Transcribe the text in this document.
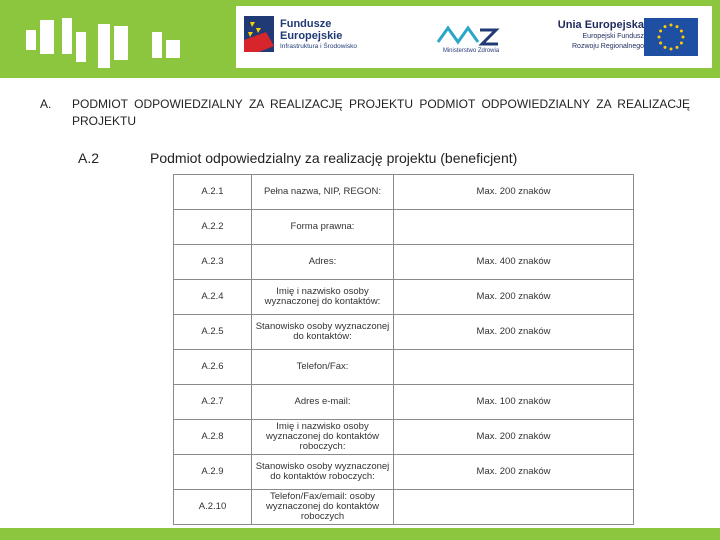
Fundusze
Europejskie
Infrastruktura i Środowisko
Ministerstwo Zdrowia
Unia Europejska
Europejski Fundusz
Rozwoju Regionalnego
A. PODMIOT ODPOWIEDZIALNY ZA REALIZACJĘ PROJEKTU PODMIOT ODPOWIEDZIALNY ZA REALIZACJĘ PROJEKTU
A.2	Podmiot odpowiedzialny za realizację projektu (beneficjent)
A.2.1	Pełna nazwa, NIP, REGON:	Max. 200 znaków
A.2.2	Forma prawna:	
A.2.3	Adres:	Max. 400 znaków
A.2.4	Imię i nazwisko osoby wyznaczonej do kontaktów:	Max. 200 znaków
A.2.5	Stanowisko osoby wyznaczonej do kontaktów:	Max. 200 znaków
A.2.6	Telefon/Fax:	
A.2.7	Adres e-mail:	Max. 100 znaków
A.2.8	Imię i nazwisko osoby wyznaczonej do kontaktów roboczych:	Max. 200 znaków
A.2.9	Stanowisko osoby wyznaczonej do kontaktów roboczych:	Max. 200 znaków
A.2.10	Telefon/Fax/email: osoby wyznaczonej do kontaktów roboczych	
